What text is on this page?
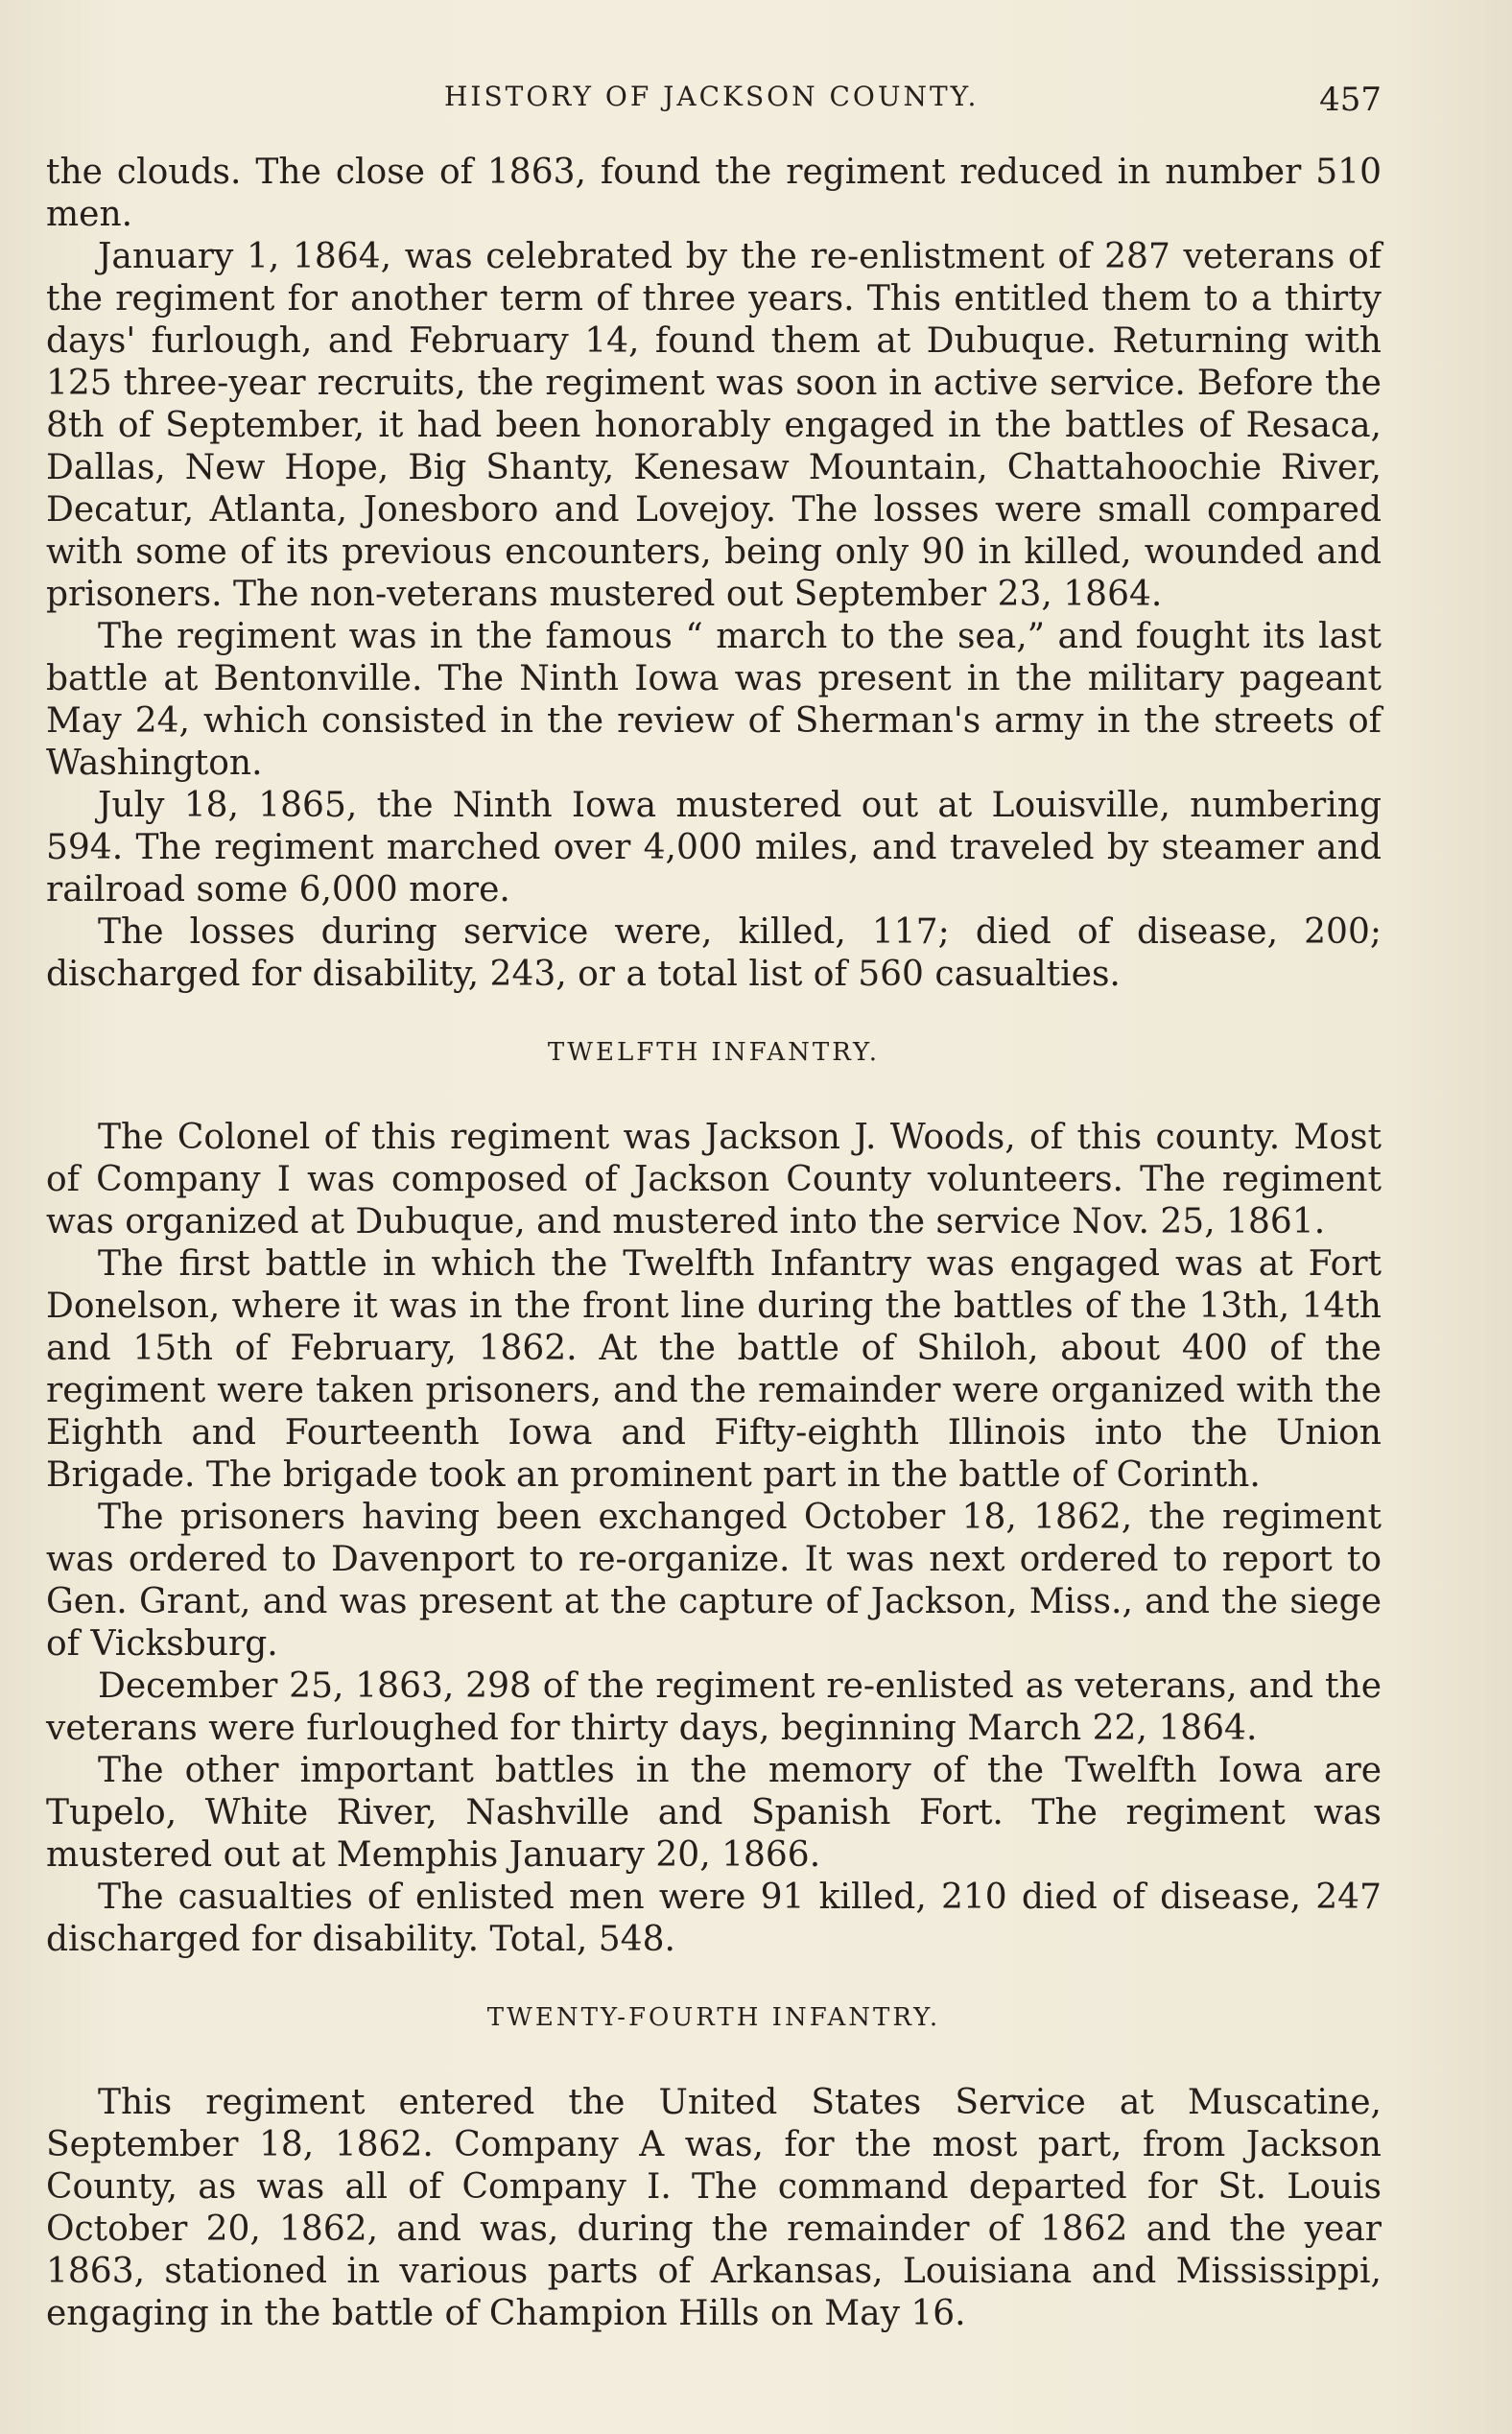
HISTORY OF JACKSON COUNTY.	457

the clouds. The close of 1863, found the regiment reduced in number 510 men.

January 1, 1864, was celebrated by the re-enlistment of 287 veterans of the regiment for another term of three years. This entitled them to a thirty days' furlough, and February 14, found them at Dubuque. Returning with 125 three-year recruits, the regiment was soon in active service. Before the 8th of September, it had been honorably engaged in the battles of Resaca, Dallas, New Hope, Big Shanty, Kenesaw Mountain, Chattahoochie River, Decatur, Atlanta, Jonesboro and Lovejoy. The losses were small compared with some of its previous encounters, being only 90 in killed, wounded and prisoners. The non-veterans mustered out September 23, 1864.

The regiment was in the famous “ march to the sea,” and fought its last battle at Bentonville. The Ninth Iowa was present in the military pageant May 24, which consisted in the review of Sherman's army in the streets of Washington.

July 18, 1865, the Ninth Iowa mustered out at Louisville, numbering 594. The regiment marched over 4,000 miles, and traveled by steamer and railroad some 6,000 more.

The losses during service were, killed, 117; died of disease, 200; discharged for disability, 243, or a total list of 560 casualties.

TWELFTH INFANTRY.

The Colonel of this regiment was Jackson J. Woods, of this county. Most of Company I was composed of Jackson County volunteers. The regiment was organized at Dubuque, and mustered into the service Nov. 25, 1861.

The first battle in which the Twelfth Infantry was engaged was at Fort Donelson, where it was in the front line during the battles of the 13th, 14th and 15th of February, 1862. At the battle of Shiloh, about 400 of the regiment were taken prisoners, and the remainder were organized with the Eighth and Fourteenth Iowa and Fifty-eighth Illinois into the Union Brigade. The brigade took an prominent part in the battle of Corinth.

The prisoners having been exchanged October 18, 1862, the regiment was ordered to Davenport to re-organize. It was next ordered to report to Gen. Grant, and was present at the capture of Jackson, Miss., and the siege of Vicksburg.

December 25, 1863, 298 of the regiment re-enlisted as veterans, and the veterans were furloughed for thirty days, beginning March 22, 1864.

The other important battles in the memory of the Twelfth Iowa are Tupelo, White River, Nashville and Spanish Fort. The regiment was mustered out at Memphis January 20, 1866.

The casualties of enlisted men were 91 killed, 210 died of disease, 247 discharged for disability. Total, 548.

TWENTY-FOURTH INFANTRY.

This regiment entered the United States Service at Muscatine, September 18, 1862. Company A was, for the most part, from Jackson County, as was all of Company I. The command departed for St. Louis October 20, 1862, and was, during the remainder of 1862 and the year 1863, stationed in various parts of Arkansas, Louisiana and Mississippi, engaging in the battle of Champion Hills on May 16.
